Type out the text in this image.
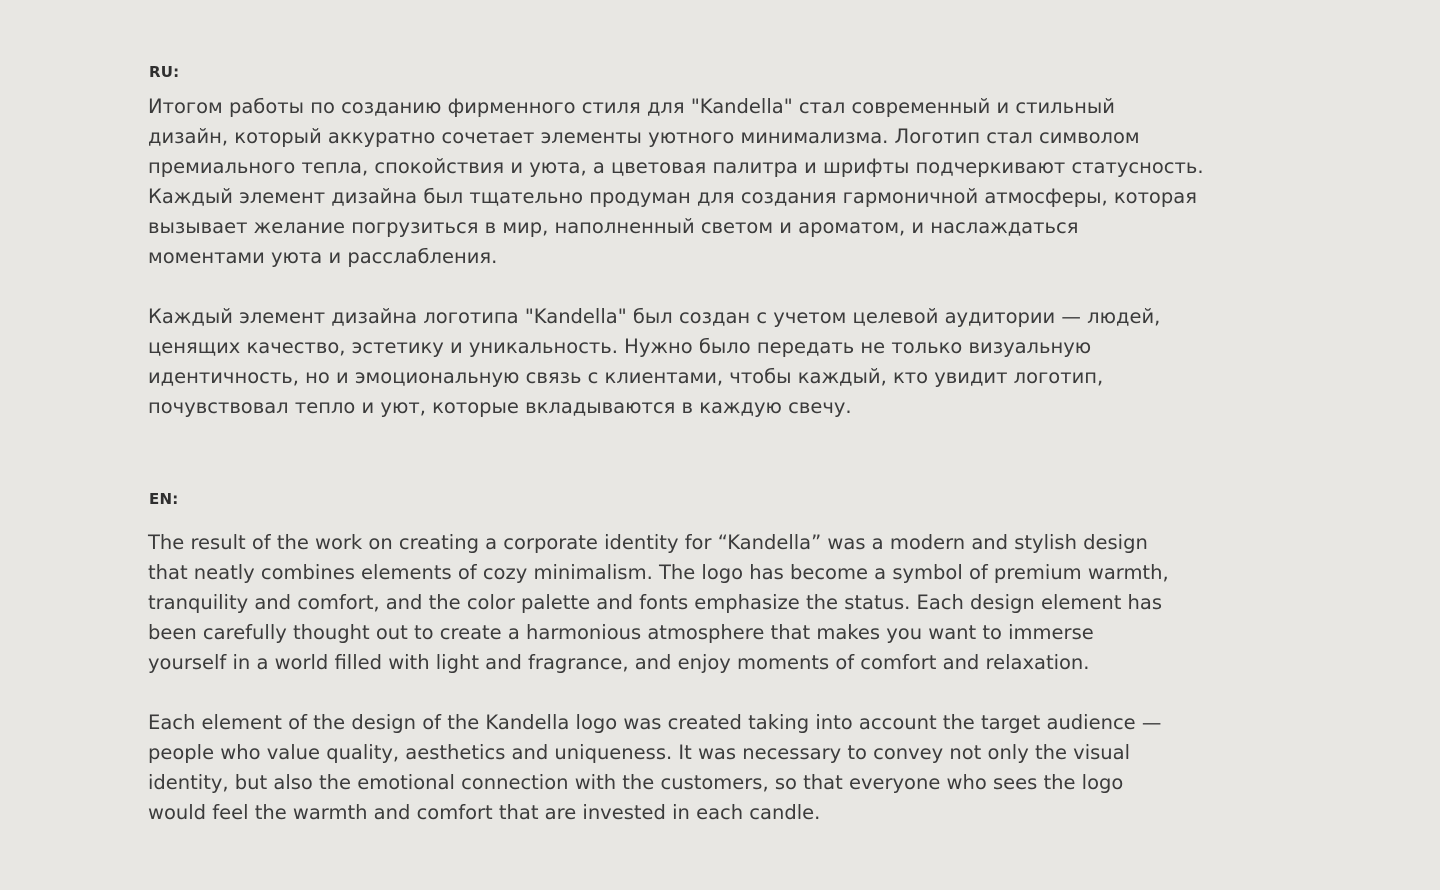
RU:

Итогом работы по созданию фирменного стиля для "Kandella" стал современный и стильный
дизайн, который аккуратно сочетает элементы уютного минимализма. Логотип стал символом
премиального тепла, спокойствия и уюта, а цветовая палитра и шрифты подчеркивают статусность.
Каждый элемент дизайна был тщательно продуман для создания гармоничной атмосферы, которая
вызывает желание погрузиться в мир, наполненный светом и ароматом, и наслаждаться
моментами уюта и расслабления.

Каждый элемент дизайна логотипа "Kandella" был создан с учетом целевой аудитории — людей,
ценящих качество, эстетику и уникальность. Нужно было передать не только визуальную
идентичность, но и эмоциональную связь с клиентами, чтобы каждый, кто увидит логотип,
почувствовал тепло и уют, которые вкладываются в каждую свечу.

EN:

The result of the work on creating a corporate identity for “Kandella” was a modern and stylish design
that neatly combines elements of cozy minimalism. The logo has become a symbol of premium warmth,
tranquility and comfort, and the color palette and fonts emphasize the status. Each design element has
been carefully thought out to create a harmonious atmosphere that makes you want to immerse
yourself in a world filled with light and fragrance, and enjoy moments of comfort and relaxation.

Each element of the design of the Kandella logo was created taking into account the target audience —
people who value quality, aesthetics and uniqueness. It was necessary to convey not only the visual
identity, but also the emotional connection with the customers, so that everyone who sees the logo
would feel the warmth and comfort that are invested in each candle.
